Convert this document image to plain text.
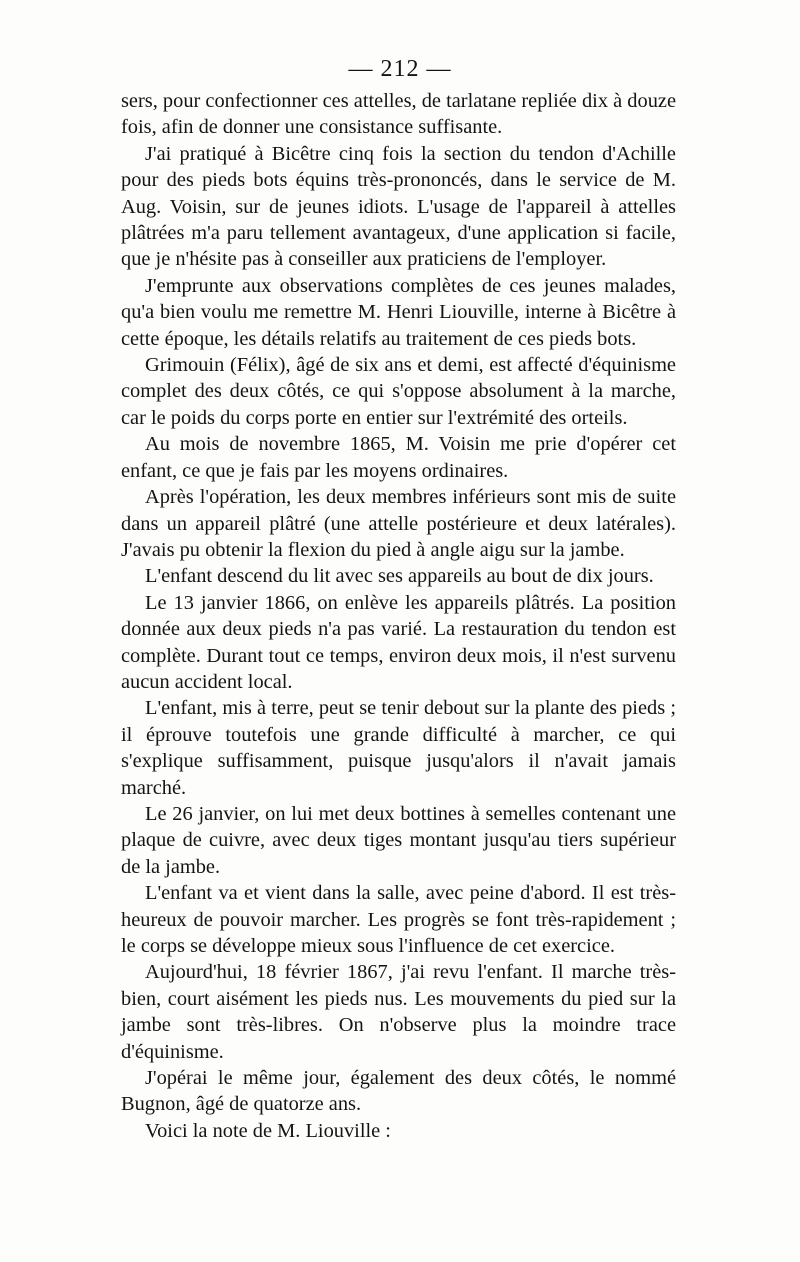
— 212 —

sers, pour confectionner ces attelles, de tarlatane repliée dix à douze fois, afin de donner une consistance suffisante.

J'ai pratiqué à Bicêtre cinq fois la section du tendon d'Achille pour des pieds bots équins très-prononcés, dans le service de M. Aug. Voisin, sur de jeunes idiots. L'usage de l'appareil à attelles plâtrées m'a paru tellement avantageux, d'une application si facile, que je n'hésite pas à conseiller aux praticiens de l'employer.

J'emprunte aux observations complètes de ces jeunes malades, qu'a bien voulu me remettre M. Henri Liouville, interne à Bicêtre à cette époque, les détails relatifs au traitement de ces pieds bots.

Grimouin (Félix), âgé de six ans et demi, est affecté d'équinisme complet des deux côtés, ce qui s'oppose absolument à la marche, car le poids du corps porte en entier sur l'extrémité des orteils.

Au mois de novembre 1865, M. Voisin me prie d'opérer cet enfant, ce que je fais par les moyens ordinaires.

Après l'opération, les deux membres inférieurs sont mis de suite dans un appareil plâtré (une attelle postérieure et deux latérales). J'avais pu obtenir la flexion du pied à angle aigu sur la jambe.

L'enfant descend du lit avec ses appareils au bout de dix jours.

Le 13 janvier 1866, on enlève les appareils plâtrés. La position donnée aux deux pieds n'a pas varié. La restauration du tendon est complète. Durant tout ce temps, environ deux mois, il n'est survenu aucun accident local.

L'enfant, mis à terre, peut se tenir debout sur la plante des pieds ; il éprouve toutefois une grande difficulté à marcher, ce qui s'explique suffisamment, puisque jusqu'alors il n'avait jamais marché.

Le 26 janvier, on lui met deux bottines à semelles contenant une plaque de cuivre, avec deux tiges montant jusqu'au tiers supérieur de la jambe.

L'enfant va et vient dans la salle, avec peine d'abord. Il est très-heureux de pouvoir marcher. Les progrès se font très-rapidement ; le corps se développe mieux sous l'influence de cet exercice.

Aujourd'hui, 18 février 1867, j'ai revu l'enfant. Il marche très-bien, court aisément les pieds nus. Les mouvements du pied sur la jambe sont très-libres. On n'observe plus la moindre trace d'équinisme.

J'opérai le même jour, également des deux côtés, le nommé Bugnon, âgé de quatorze ans.

Voici la note de M. Liouville :
